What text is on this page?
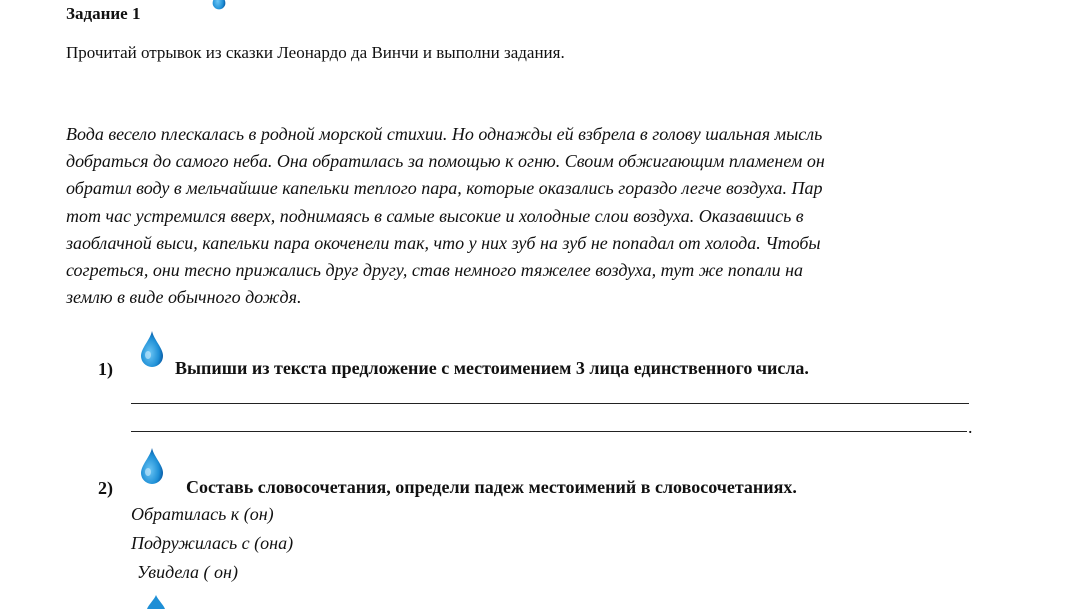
Задание 1
Прочитай отрывок из сказки Леонардо да Винчи и выполни задания.
Вода весело плескалась в родной морской стихии. Но однажды ей взбрела в голову шальная мысль
добраться до самого неба. Она обратилась за помощью к огню. Своим обжигающим пламенем он
обратил воду в мельчайшие капельки теплого пара, которые оказались гораздо легче воздуха. Пар
тот час устремился вверх, поднимаясь в самые высокие и холодные слои воздуха. Оказавшись в
заоблачной выси, капельки пара окоченели так, что у них зуб на зуб не попадал от холода. Чтобы
согреться, они тесно прижались друг другу, став немного тяжелее воздуха, тут же попали на
землю в виде обычного дождя.
1)	Выпиши из текста предложение с местоимением 3 лица единственного числа.
.
2)	Составь словосочетания, определи падеж местоимений в словосочетаниях.
Обратилась к (он)
Подружилась с (она)
Увидела ( он)
